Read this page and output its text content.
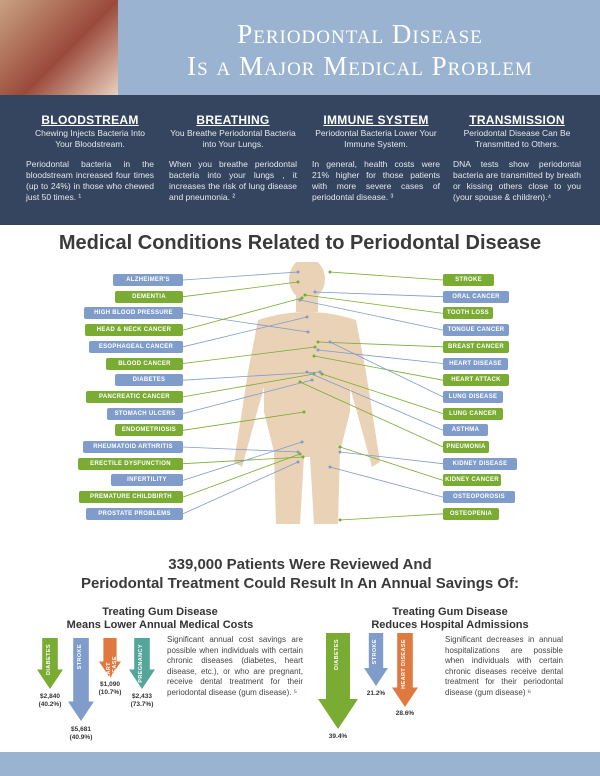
Periodontal Disease
Is a Major Medical Problem
BLOODSTREAM
Chewing Injects Bacteria Into Your Bloodstream.
Periodontal bacteria in the bloodstream increased four times (up to 24%) in those who chewed just 50 times. ¹
BREATHING
You Breathe Periodontal Bacteria into Your Lungs.
When you breathe periodontal bacteria into your lungs , it increases the risk of lung disease and pneumonia. ²
IMMUNE SYSTEM
Periodontal Bacteria Lower Your Immune System.
In general, health costs were 21% higher for those patients with more severe cases of periodontal disease. ³
TRANSMISSION
Periodontal Disease Can Be Transmitted to Others.
DNA tests show periodontal bacteria are transmitted by breath or kissing others close to you (your spouse & children).⁴
Medical Conditions Related to Periodontal Disease
ALZHEIMER'S
DEMENTIA
HIGH BLOOD PRESSURE
HEAD & NECK CANCER
ESOPHAGEAL CANCER
BLOOD CANCER
DIABETES
PANCREATIC CANCER
STOMACH ULCERS
ENDOMETRIOSIS
RHEUMATOID ARTHRITIS
ERECTILE DYSFUNCTION
INFERTILITY
PREMATURE CHILDBIRTH
PROSTATE PROBLEMS
STROKE
ORAL CANCER
TOOTH LOSS
TONGUE CANCER
BREAST CANCER
HEART DISEASE
HEART ATTACK
LUNG DISEASE
LUNG CANCER
ASTHMA
PNEUMONIA
KIDNEY DISEASE
KIDNEY CANCER
OSTEOPOROSIS
OSTEOPENIA
339,000 Patients Were Reviewed And
Periodontal Treatment Could Result In An Annual Savings Of:
Treating Gum Disease
Means Lower Annual Medical Costs
Significant annual cost savings are possible when individuals with certain chronic diseases (diabetes, heart disease, etc.), or who are pregnant, receive dental treatment for their periodontal disease (gum disease). ⁵
Treating Gum Disease
Reduces Hospital Admissions
Significant decreases in annual hospitalizations are possible when individuals with certain chronic diseases receive dental treatment for their periodontal disease (gum disease) ⁶
DIABETES	STROKE
HEART DISEASE	PREGNANCY	DIABETES	STROKE	HEART DISEASE
$2,840
(40.2%)
$5,681
(40.9%)
$1,090
(10.7%)
$2,433
(73.7%)
39.4%
21.2%
28.6%
